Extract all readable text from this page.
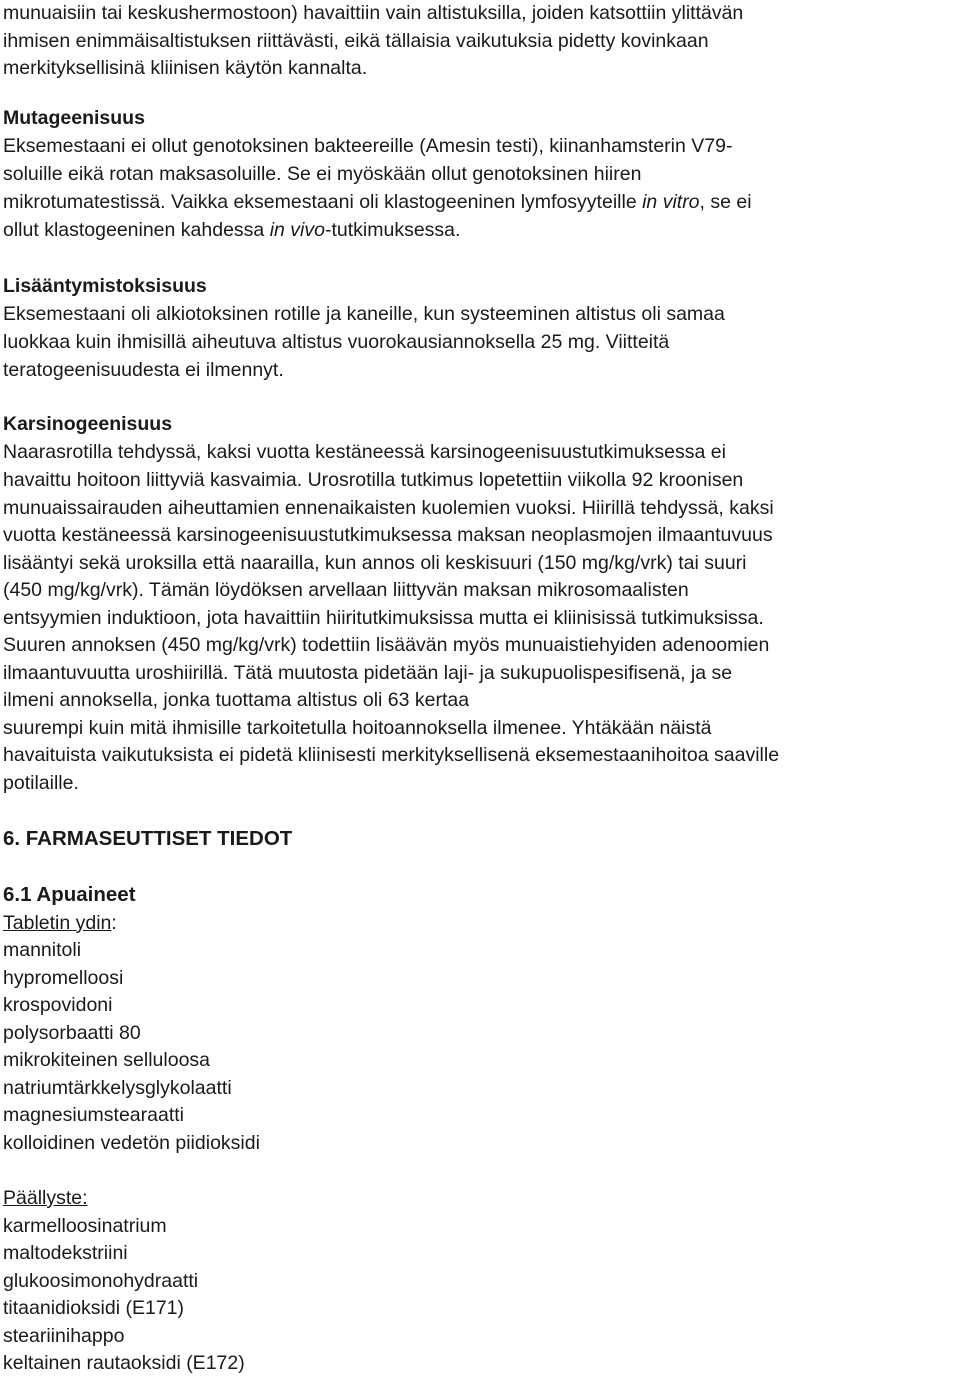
munuaisiin tai keskushermostoon) havaittiin vain altistuksilla, joiden katsottiin ylittävän

ihmisen enimmäisaltistuksen riittävästi, eikä tällaisia vaikutuksia pidetty kovinkaan

merkityksellisinä kliinisen käytön kannalta.

Mutageenisuus

Eksemestaani ei ollut genotoksinen bakteereille (Amesin testi), kiinanhamsterin V79-

soluille eikä rotan maksasoluille. Se ei myöskään ollut genotoksinen hiiren

mikrotumatestissä. Vaikka eksemestaani oli klastogeeninen lymfosyyteille in vitro, se ei

ollut klastogeeninen kahdessa in vivo-tutkimuksessa.

Lisääntymistoksisuus

Eksemestaani oli alkiotoksinen rotille ja kaneille, kun systeeminen altistus oli samaa

luokkaa kuin ihmisillä aiheutuva altistus vuorokausiannoksella 25 mg. Viitteitä

teratogeenisuudesta ei ilmennyt.

Karsinogeenisuus

Naarasrotilla tehdyssä, kaksi vuotta kestäneessä karsinogeenisuustutkimuksessa ei

havaittu hoitoon liittyviä kasvaimia. Urosrotilla tutkimus lopetettiin viikolla 92 kroonisen

munuaissairauden aiheuttamien ennenaikaisten kuolemien vuoksi. Hiirillä tehdyssä, kaksi

vuotta kestäneessä karsinogeenisuustutkimuksessa maksan neoplasmojen ilmaantuvuus

lisääntyi sekä uroksilla että naarailla, kun annos oli keskisuuri (150 mg/kg/vrk) tai suuri

(450 mg/kg/vrk). Tämän löydöksen arvellaan liittyvän maksan mikrosomaalisten

entsyymien induktioon, jota havaittiin hiiritutkimuksissa mutta ei kliinisissä tutkimuksissa.

Suuren annoksen (450 mg/kg/vrk) todettiin lisäävän myös munuaistiehyiden adenoomien

ilmaantuvuutta uroshiirillä. Tätä muutosta pidetään laji- ja sukupuolispesifisenä, ja se

ilmeni annoksella, jonka tuottama altistus oli 63 kertaa

suurempi kuin mitä ihmisille tarkoitetulla hoitoannoksella ilmenee. Yhtäkään näistä

havaituista vaikutuksista ei pidetä kliinisesti merkityksellisenä eksemestaanihoitoa saaville

potilaille.

6. FARMASEUTTISET TIEDOT

6.1 Apuaineet

Tabletin ydin:

mannitoli

hypromelloosi

krospovidoni

polysorbaatti 80

mikrokiteinen selluloosa

natriumtärkkelysglykolaatti

magnesiumstearaatti

kolloidinen vedetön piidioksidi

Päällyste:

karmelloosinatrium

maltodekstriini

glukoosimonohydraatti

titaanidioksidi (E171)

steariinihappo

keltainen rautaoksidi (E172)
